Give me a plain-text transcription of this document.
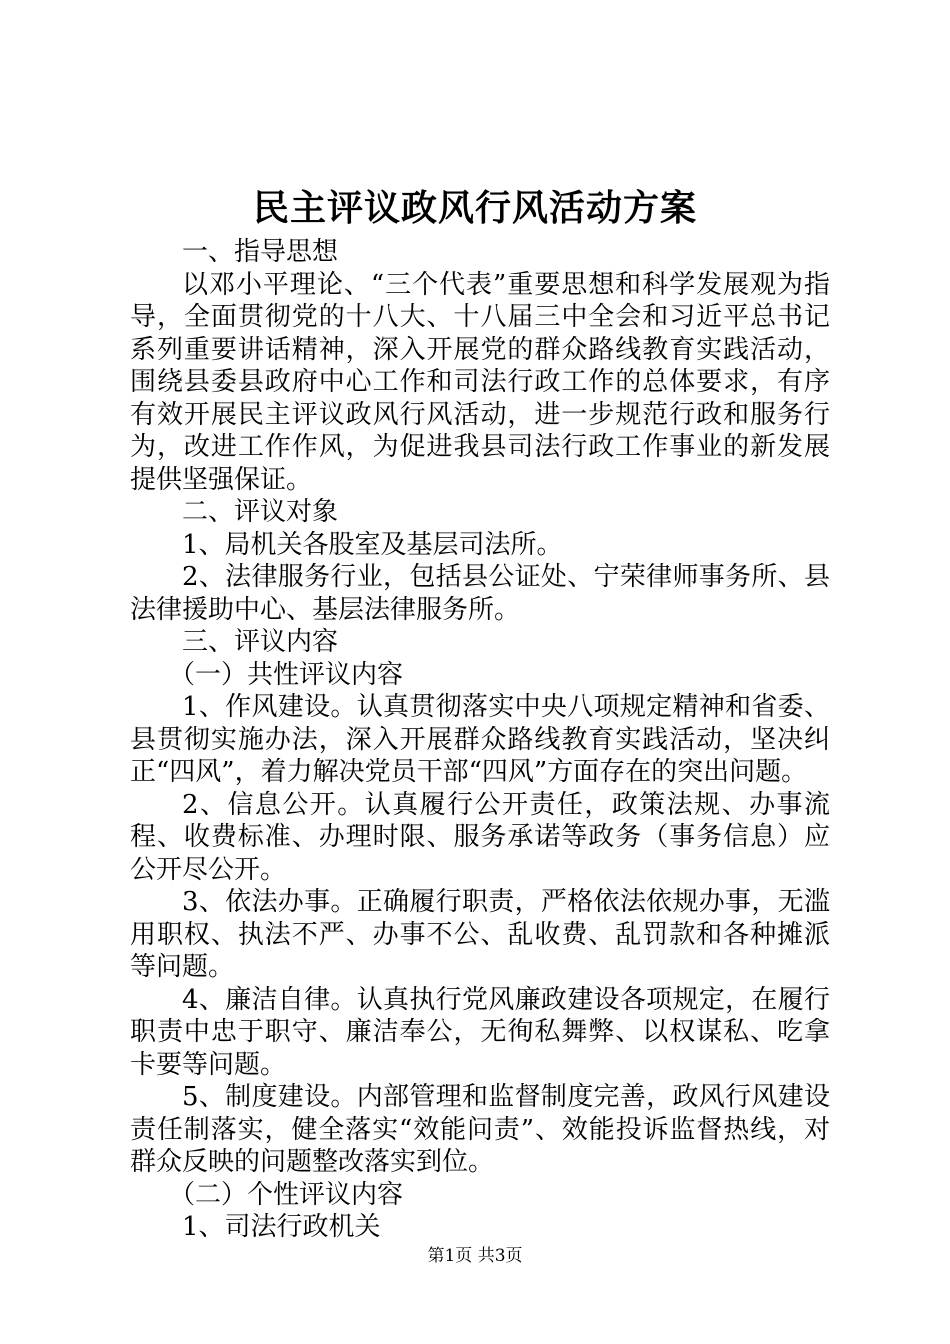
民主评议政风行风活动方案

一、指导思想

以邓小平理论、“三个代表”重要思想和科学发展观为指导，全面贯彻党的十八大、十八届三中全会和习近平总书记系列重要讲话精神，深入开展党的群众路线教育实践活动，围绕县委县政府中心工作和司法行政工作的总体要求，有序有效开展民主评议政风行风活动，进一步规范行政和服务行为，改进工作作风，为促进我县司法行政工作事业的新发展提供坚强保证。

二、评议对象

1、局机关各股室及基层司法所。

2、法律服务行业，包括县公证处、宁荣律师事务所、县法律援助中心、基层法律服务所。

三、评议内容

（一）共性评议内容

1、作风建设。认真贯彻落实中央八项规定精神和省委、县贯彻实施办法，深入开展群众路线教育实践活动，坚决纠正“四风”，着力解决党员干部“四风”方面存在的突出问题。

2、信息公开。认真履行公开责任，政策法规、办事流程、收费标准、办理时限、服务承诺等政务（事务信息）应公开尽公开。

3、依法办事。正确履行职责，严格依法依规办事，无滥用职权、执法不严、办事不公、乱收费、乱罚款和各种摊派等问题。

4、廉洁自律。认真执行党风廉政建设各项规定，在履行职责中忠于职守、廉洁奉公，无徇私舞弊、以权谋私、吃拿卡要等问题。

5、制度建设。内部管理和监督制度完善，政风行风建设责任制落实，健全落实“效能问责”、效能投诉监督热线，对群众反映的问题整改落实到位。

（二）个性评议内容

1、司法行政机关

第1页 共3页
